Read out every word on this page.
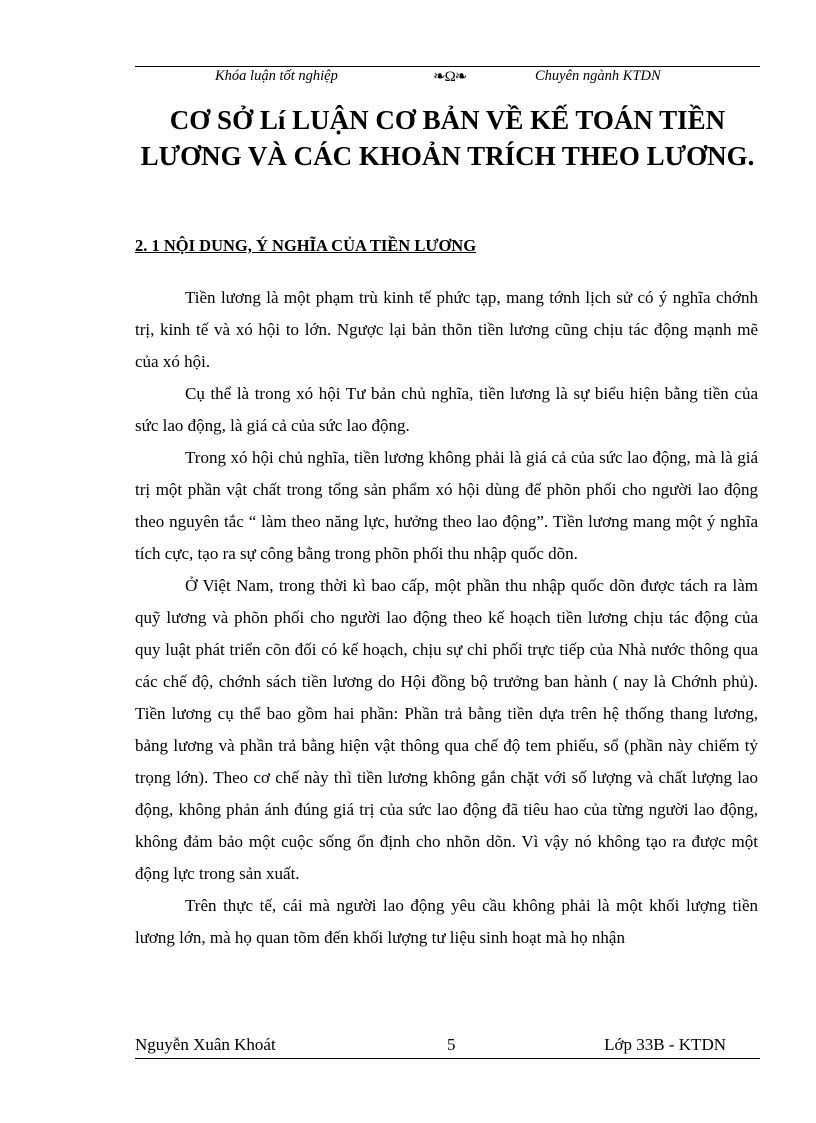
Khóa luận tốt nghiệp	❧Ω❧	Chuyên ngành KTDN
CƠ SỞ Lí LUẬN CƠ BẢN VỀ KẾ TOÁN TIỀN LƯƠNG VÀ CÁC KHOẢN TRÍCH THEO LƯƠNG.
2. 1 NỘI DUNG, Ý NGHĨA CỦA TIỀN LƯƠNG

Tiền lương là một phạm trù kinh tế phức tạp, mang tớnh lịch sử có ý nghĩa chớnh trị, kinh tế và xó hội to lớn. Ngược lại bản thõn tiền lương cũng chịu tác động mạnh mẽ của xó hội.

Cụ thể là trong xó hội Tư bản chủ nghĩa, tiền lương là sự biểu hiện bằng tiền của sức lao động, là giá cả của sức lao động.

Trong xó hội chủ nghĩa, tiền lương không phải là giá cả của sức lao động, mà là giá trị một phần vật chất trong tổng sản phẩm xó hội dùng để phõn phối cho người lao động theo nguyên tắc “ làm theo năng lực, hưởng theo lao động”. Tiền lương mang một ý nghĩa tích cực, tạo ra sự công bằng trong phõn phối thu nhập quốc dõn.

Ở Việt Nam, trong thời kì bao cấp, một phần thu nhập quốc dõn được tách ra làm quỹ lương và phõn phối cho người lao động theo kế hoạch tiền lương chịu tác động của quy luật phát triển cõn đối có kế hoạch, chịu sự chi phối trực tiếp của Nhà nước thông qua các chế độ, chớnh sách tiền lương do Hội đồng bộ trưởng ban hành ( nay là Chớnh phủ). Tiền lương cụ thể bao gồm hai phần: Phần trả bằng tiền dựa trên hệ thống thang lương, bảng lương và phần trả bằng hiện vật thông qua chế độ tem phiếu, sổ (phần này chiếm tỷ trọng lớn). Theo cơ chế này thì tiền lương không gắn chặt với số lượng và chất lượng lao động, không phản ánh đúng giá trị của sức lao động đã tiêu hao của từng người lao động, không đảm bảo một cuộc sống ổn định cho nhõn dõn. Vì vậy nó không tạo ra được một động lực trong sản xuất.

Trên thực tế, cái mà người lao động yêu cầu không phải là một khối lượng tiền lương lớn, mà họ quan tõm đến khối lượng tư liệu sinh hoạt mà họ nhận

Nguyễn Xuân Khoát	5	Lớp 33B - KTDN
